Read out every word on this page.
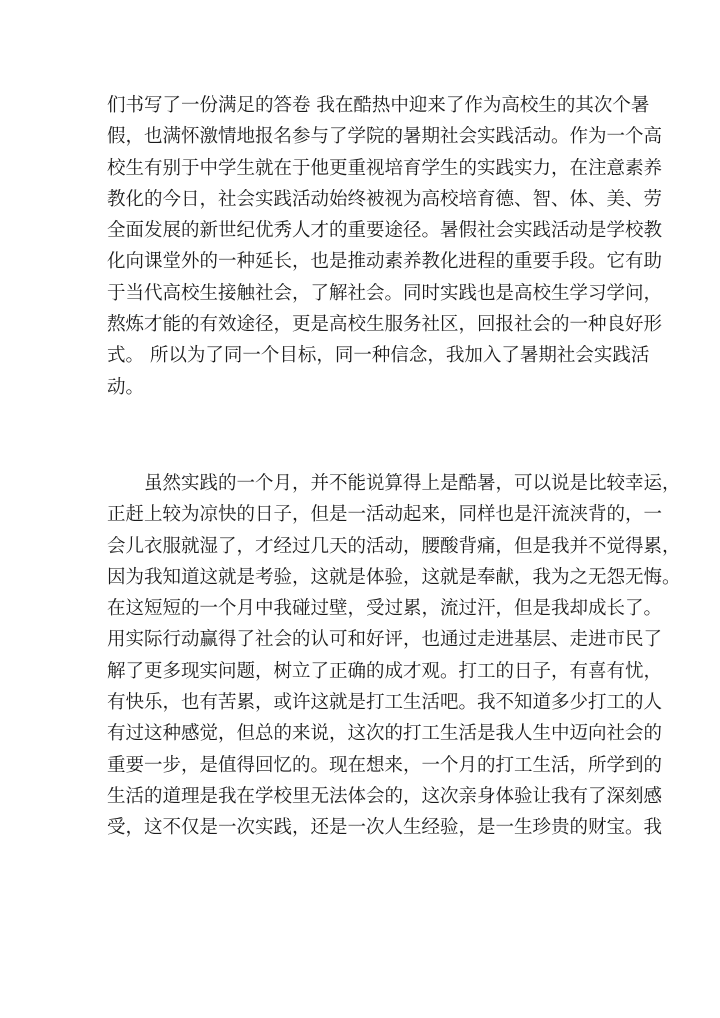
们书写了一份满足的答卷 我在酷热中迎来了作为高校生的其次个暑
假，也满怀激情地报名参与了学院的暑期社会实践活动。作为一个高
校生有别于中学生就在于他更重视培育学生的实践实力，在注意素养
教化的今日，社会实践活动始终被视为高校培育德、智、体、美、劳
全面发展的新世纪优秀人才的重要途径。暑假社会实践活动是学校教
化向课堂外的一种延长，也是推动素养教化进程的重要手段。它有助
于当代高校生接触社会，了解社会。同时实践也是高校生学习学问，
熬炼才能的有效途径，更是高校生服务社区，回报社会的一种良好形
式。 所以为了同一个目标，同一种信念，我加入了暑期社会实践活
动。
　　虽然实践的一个月，并不能说算得上是酷暑，可以说是比较幸运，
正赶上较为凉快的日子，但是一活动起来，同样也是汗流浃背的，一
会儿衣服就湿了，才经过几天的活动，腰酸背痛，但是我并不觉得累，
因为我知道这就是考验，这就是体验，这就是奉献，我为之无怨无悔。
在这短短的一个月中我碰过壁，受过累，流过汗，但是我却成长了。
用实际行动赢得了社会的认可和好评，也通过走进基层、走进市民了
解了更多现实问题，树立了正确的成才观。打工的日子，有喜有忧，
有快乐，也有苦累，或许这就是打工生活吧。我不知道多少打工的人
有过这种感觉，但总的来说，这次的打工生活是我人生中迈向社会的
重要一步，是值得回忆的。现在想来，一个月的打工生活，所学到的
生活的道理是我在学校里无法体会的，这次亲身体验让我有了深刻感
受，这不仅是一次实践，还是一次人生经验，是一生珍贵的财宝。我
